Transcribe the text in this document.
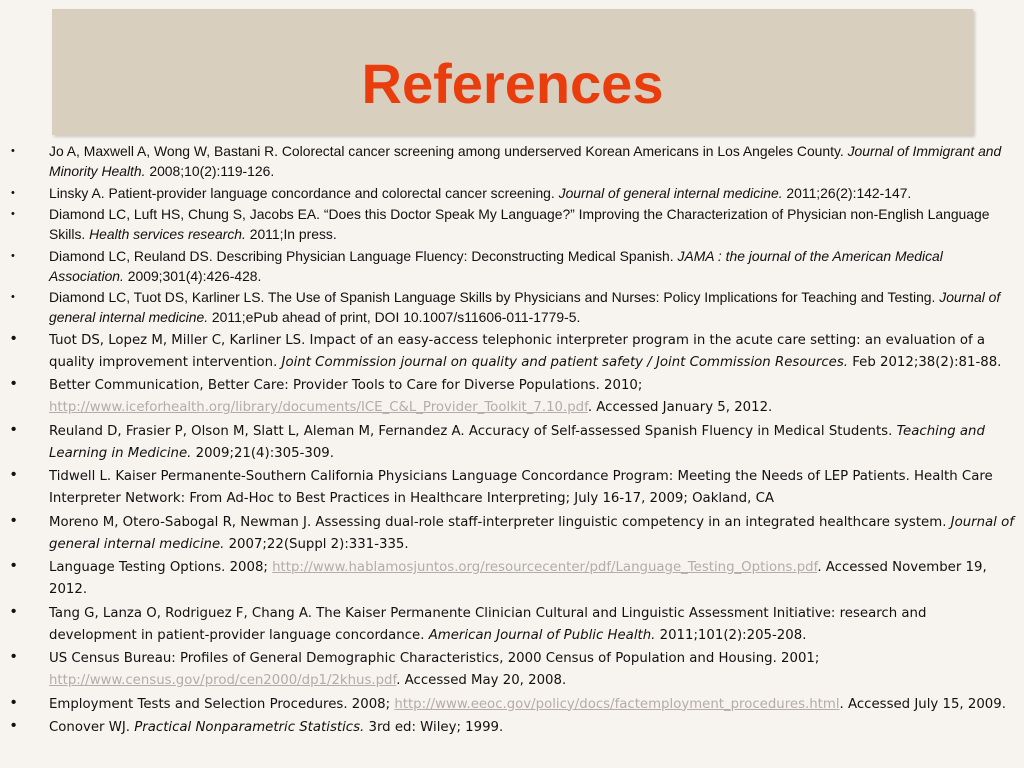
References
•	Jo A, Maxwell A, Wong W, Bastani R. Colorectal cancer screening among underserved Korean Americans in Los Angeles County. Journal of Immigrant and Minority Health. 2008;10(2):119-126.
•	Linsky A. Patient-provider language concordance and colorectal cancer screening. Journal of general internal medicine. 2011;26(2):142-147.
•	Diamond LC, Luft HS, Chung S, Jacobs EA. “Does this Doctor Speak My Language?” Improving the Characterization of Physician non-English Language Skills. Health services research. 2011;In press.
•	Diamond LC, Reuland DS. Describing Physician Language Fluency: Deconstructing Medical Spanish. JAMA : the journal of the American Medical Association. 2009;301(4):426-428.
•	Diamond LC, Tuot DS, Karliner LS. The Use of Spanish Language Skills by Physicians and Nurses: Policy Implications for Teaching and Testing. Journal of general internal medicine. 2011;ePub ahead of print, DOI 10.1007/s11606-011-1779-5.
•	Tuot DS, Lopez M, Miller C, Karliner LS. Impact of an easy-access telephonic interpreter program in the acute care setting: an evaluation of a quality improvement intervention. Joint Commission journal on quality and patient safety / Joint Commission Resources. Feb 2012;38(2):81-88.
•	Better Communication, Better Care: Provider Tools to Care for Diverse Populations. 2010; http://www.iceforhealth.org/library/documents/ICE_C&L_Provider_Toolkit_7.10.pdf. Accessed January 5, 2012.
•	Reuland D, Frasier P, Olson M, Slatt L, Aleman M, Fernandez A. Accuracy of Self-assessed Spanish Fluency in Medical Students. Teaching and Learning in Medicine. 2009;21(4):305-309.
•	Tidwell L. Kaiser Permanente-Southern California Physicians Language Concordance Program: Meeting the Needs of LEP Patients. Health Care Interpreter Network: From Ad-Hoc to Best Practices in Healthcare Interpreting; July 16-17, 2009; Oakland, CA
•	Moreno M, Otero-Sabogal R, Newman J. Assessing dual-role staff-interpreter linguistic competency in an integrated healthcare system. Journal of general internal medicine. 2007;22(Suppl 2):331-335.
•	Language Testing Options. 2008; http://www.hablamosjuntos.org/resourcecenter/pdf/Language_Testing_Options.pdf. Accessed November 19, 2012.
•	Tang G, Lanza O, Rodriguez F, Chang A. The Kaiser Permanente Clinician Cultural and Linguistic Assessment Initiative: research and development in patient-provider language concordance. American Journal of Public Health. 2011;101(2):205-208.
•	US Census Bureau: Profiles of General Demographic Characteristics, 2000 Census of Population and Housing. 2001; http://www.census.gov/prod/cen2000/dp1/2khus.pdf. Accessed May 20, 2008.
•	Employment Tests and Selection Procedures. 2008; http://www.eeoc.gov/policy/docs/factemployment_procedures.html. Accessed July 15, 2009.
•	Conover WJ. Practical Nonparametric Statistics. 3rd ed: Wiley; 1999.
